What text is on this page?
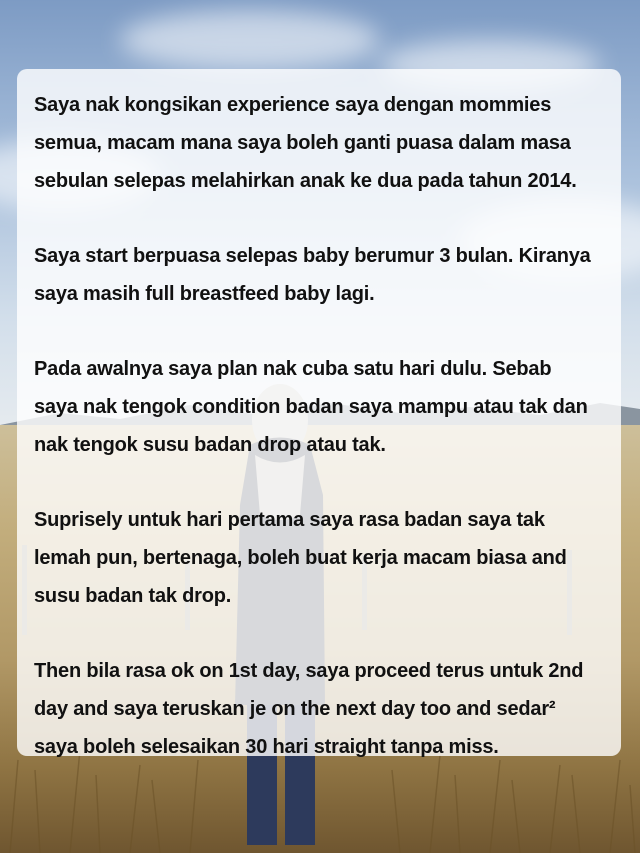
Saya nak kongsikan experience saya dengan mommies
semua, macam mana saya boleh ganti puasa dalam masa
sebulan selepas melahirkan anak ke dua pada tahun 2014.

Saya start berpuasa selepas baby berumur 3 bulan. Kiranya
saya masih full breastfeed baby lagi.

Pada awalnya saya plan nak cuba satu hari dulu. Sebab
saya nak tengok condition badan saya mampu atau tak dan
nak tengok susu badan drop atau tak.

Suprisely untuk hari pertama saya rasa badan saya tak
lemah pun, bertenaga, boleh buat kerja macam biasa and
susu badan tak drop.

Then bila rasa ok on 1st day, saya proceed terus untuk 2nd
day and saya teruskan je on the next day too and sedar²
saya boleh selesaikan 30 hari straight tanpa miss.
